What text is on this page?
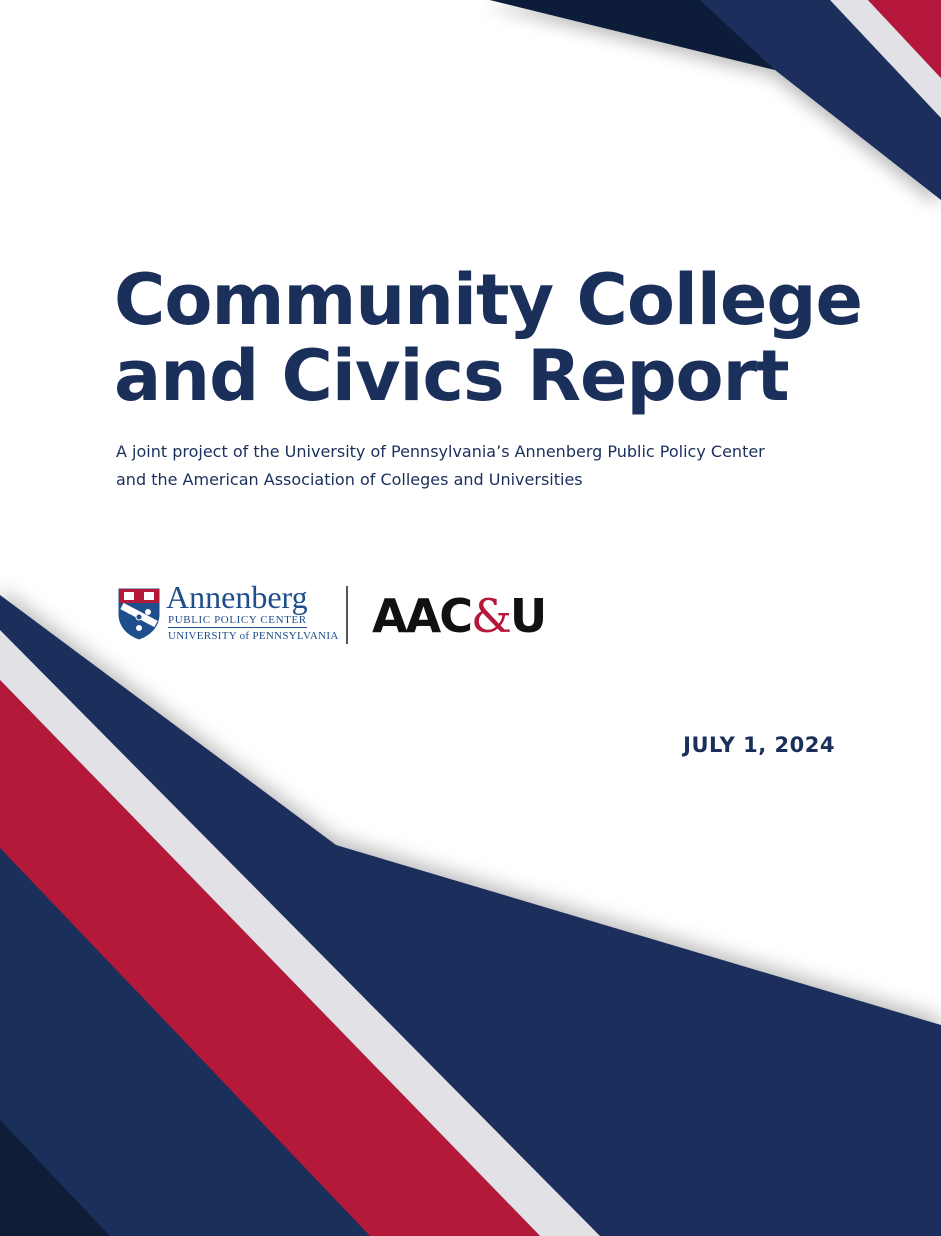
Community College
and Civics Report

A joint project of the University of Pennsylvania’s Annenberg Public Policy Center
and the American Association of Colleges and Universities

Annenberg
PUBLIC POLICY CENTER
UNIVERSITY of PENNSYLVANIA AAC&U
JULY 1, 2024
